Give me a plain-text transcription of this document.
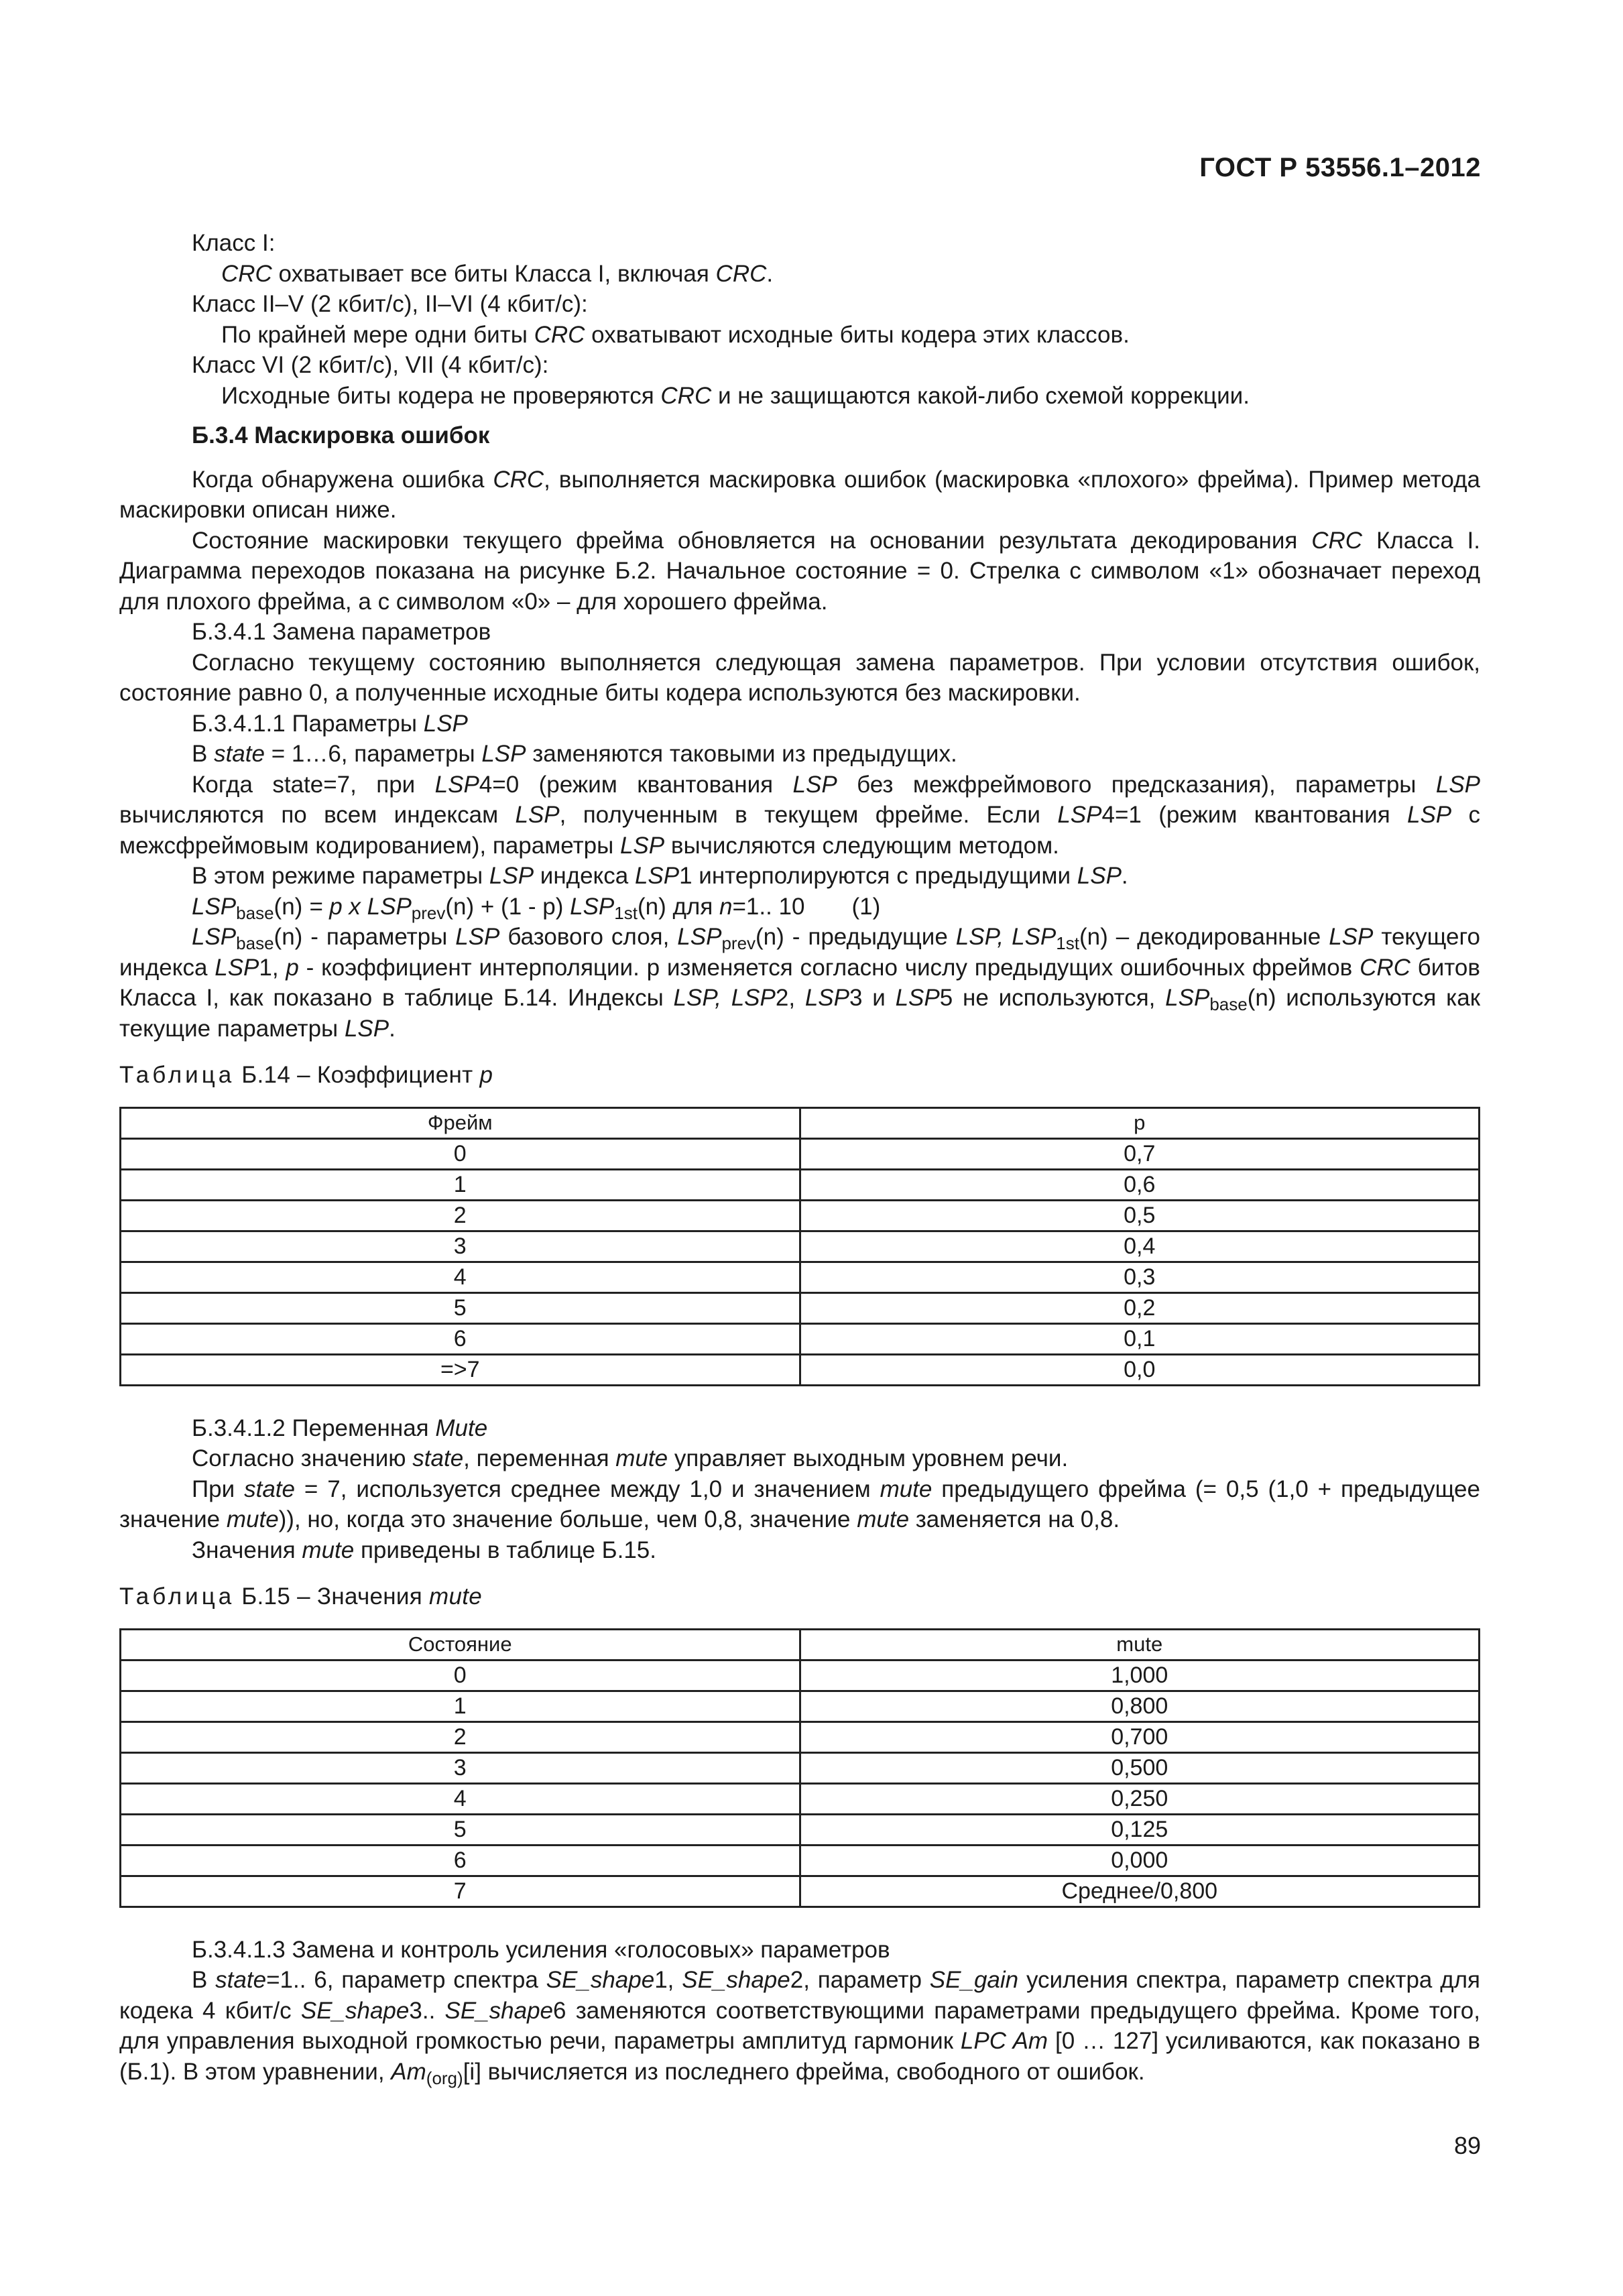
ГОСТ Р 53556.1–2012

Класс I:

CRC охватывает все биты Класса I, включая CRC.

Класс II–V (2 кбит/с), II–VI (4 кбит/с):

По крайней мере одни биты CRC охватывают исходные биты кодера этих классов.

Класс VI (2 кбит/с), VII (4 кбит/с):

Исходные биты кодера не проверяются CRC и не защищаются какой-либо схемой коррекции.

Б.3.4 Маскировка ошибок

Когда обнаружена ошибка CRC, выполняется маскировка ошибок (маскировка «плохого» фрейма). Пример метода маскировки описан ниже.

Состояние маскировки текущего фрейма обновляется на основании результата декодирования CRC Класса I. Диаграмма переходов показана на рисунке Б.2. Начальное состояние = 0. Стрелка с символом «1» обозначает переход для плохого фрейма, а с символом «0» – для хорошего фрейма.

Б.3.4.1 Замена параметров

Согласно текущему состоянию выполняется следующая замена параметров. При условии отсутствия ошибок, состояние равно 0, а полученные исходные биты кодера используются без маскировки.

Б.3.4.1.1 Параметры LSP

В state = 1…6, параметры LSP заменяются таковыми из предыдущих.

Когда state=7, при LSP4=0 (режим квантования LSP без межфреймового предсказания), параметры LSP вычисляются по всем индексам LSP, полученным в текущем фрейме. Если LSP4=1 (режим квантования LSP с межсфреймовым кодированием), параметры LSP вычисляются следующим методом.

В этом режиме параметры LSP индекса LSP1 интерполируются с предыдущими LSP.

$LSP_{base}(n) = p$ x $LSP_{prev}(n) + (1 - p)$ $LSP_{1st}(n)$ для n=1.. 10 (1)

$LSP_{base}(n)$ - параметры LSP базового слоя, $LSP_{prev}(n)$ - предыдущие LSP, $LSP_{1st}(n)$ – декодированные LSP текущего индекса LSP1, p - коэффициент интерполяции. p изменяется согласно числу предыдущих ошибочных фреймов CRC битов Класса I, как показано в таблице Б.14. Индексы LSP, LSP2, LSP3 и LSP5 не используются, $LSP_{base}(n)$ используются как текущие параметры LSP.

Таблица Б.14 – Коэффициент p

Фрейм	p
0	0,7
1	0,6
2	0,5
3	0,4
4	0,3
5	0,2
6	0,1
=>7	0,0

Б.3.4.1.2 Переменная Mute

Согласно значению state, переменная mute управляет выходным уровнем речи.

При state = 7, используется среднее между 1,0 и значением mute предыдущего фрейма (= 0,5 (1,0 + предыдущее значение mute)), но, когда это значение больше, чем 0,8, значение mute заменяется на 0,8.

Значения mute приведены в таблице Б.15.

Таблица Б.15 – Значения mute

Состояние	mute
0	1,000
1	0,800
2	0,700
3	0,500
4	0,250
5	0,125
6	0,000
7	Среднее/0,800

Б.3.4.1.3 Замена и контроль усиления «голосовых» параметров

В state=1.. 6, параметр спектра SE_shape1, SE_shape2, параметр SE_gain усиления спектра, параметр спектра для кодека 4 кбит/с SE_shape3.. SE_shape6 заменяются соответствующими параметрами предыдущего фрейма. Кроме того, для управления выходной громкостью речи, параметры амплитуд гармоник LPC Am [0 … 127] усиливаются, как показано в (Б.1). В этом уравнении, $Am_{(org)}[i]$ вычисляется из последнего фрейма, свободного от ошибок.

89
